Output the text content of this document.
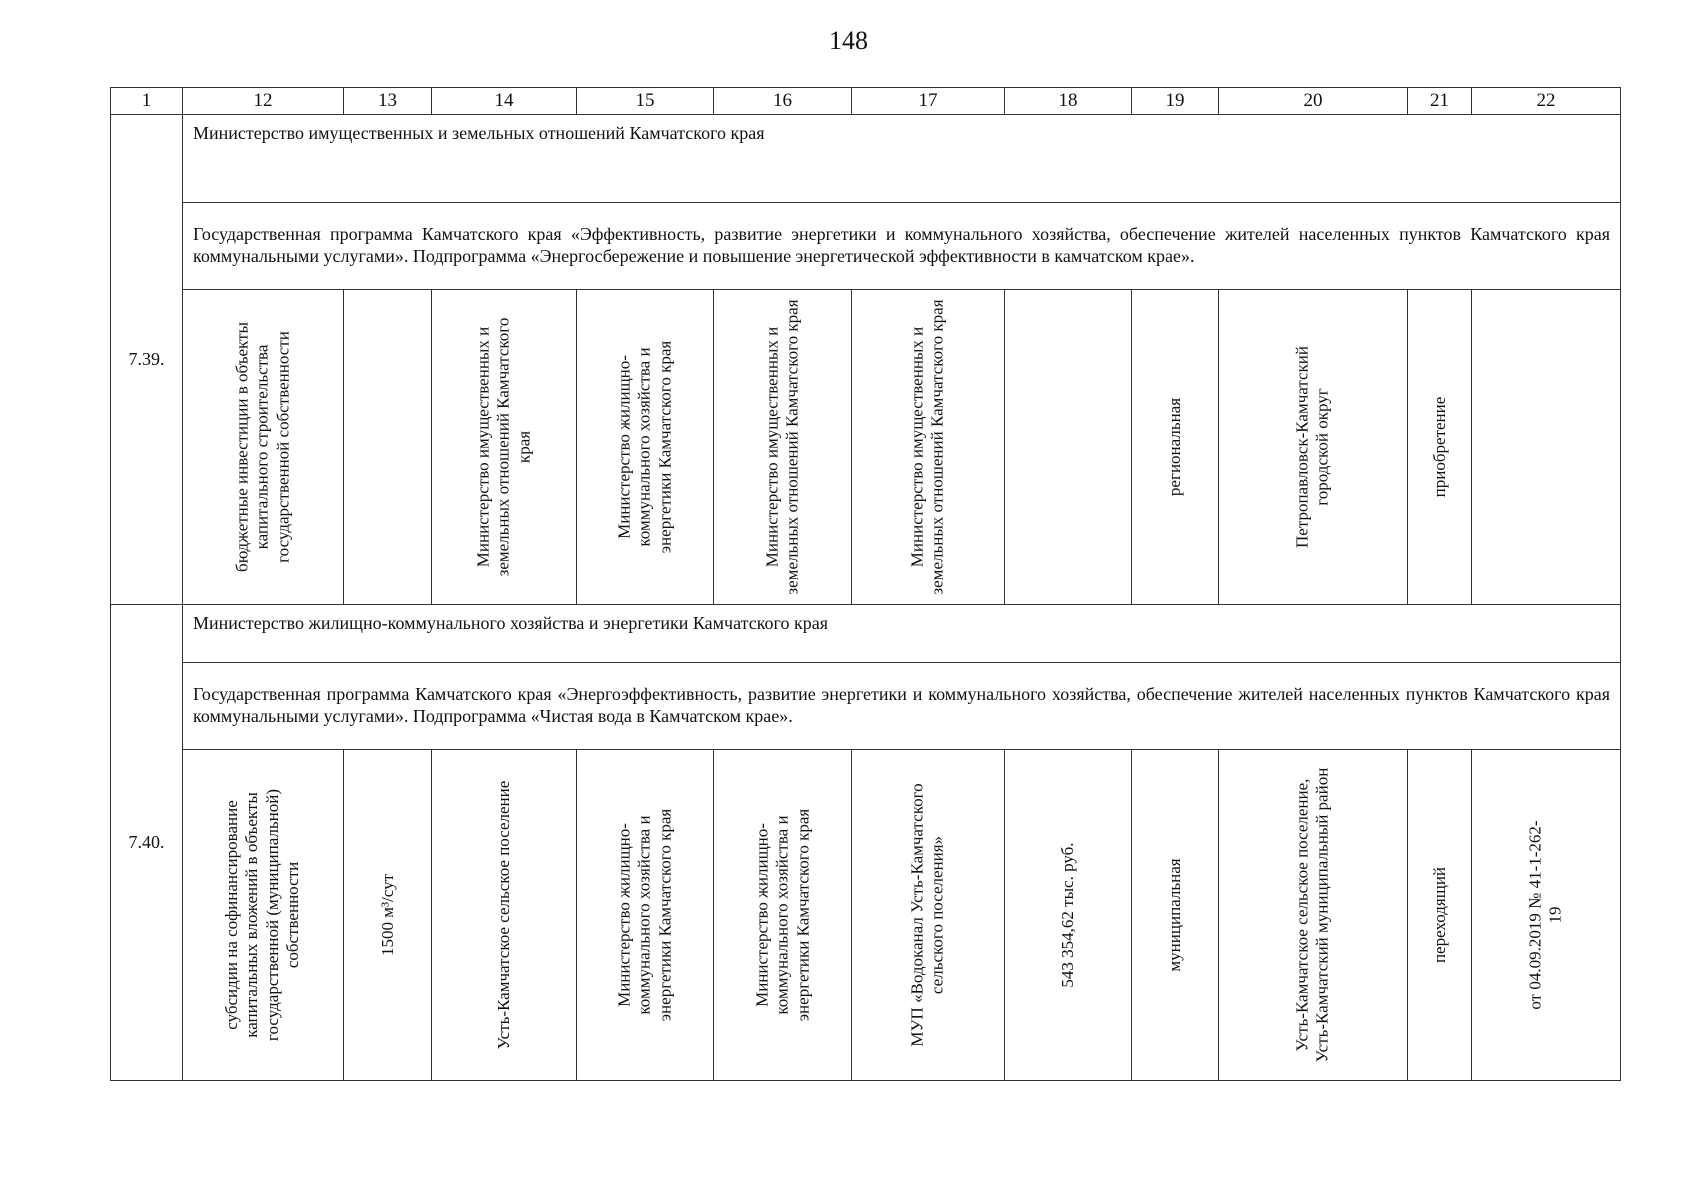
148
1	12	13	14	15	16	17	18	19	20	21	22
7.39.	Министерство имущественных и земельных отношений Камчатского края										
	Государственная программа Камчатского края «Эффективность, развитие энергетики и коммунального хозяйства, обеспечение жителей населенных пунктов Камчатского края коммунальными услугами». Подпрограмма «Энергосбережение и повышение энергетической эффективности в камчатском крае».										

	бюджетные инвестиции в объекты капитального строительства государственной собственности		Министерство имущественных и земельных отношений Камчатского края	Министерство жилищно-коммунального хозяйства и энергетики Камчатского края	Министерство имущественных и земельных отношений Камчатского края	Министерство имущественных и земельных отношений Камчатского края		региональная	Петропавловск-Камчатский городской округ	приобретение	

7.40.	Министерство жилищно-коммунального хозяйства и энергетики Камчатского края										
	Государственная программа Камчатского края «Энергоэффективность, развитие энергетики и коммунального хозяйства, обеспечение жителей населенных пунктов Камчатского края коммунальными услугами». Подпрограмма «Чистая вода в Камчатском крае».										

	субсидии на софинансирование капитальных вложений в объекты государственной (муниципальной) собственности	1500 м³/сут	Усть-Камчатское сельское поселение	Министерство жилищно-коммунального хозяйства и энергетики Камчатского края	Министерство жилищно-коммунального хозяйства и энергетики Камчатского края	МУП «Водоканал Усть-Камчатского сельского поселения»	543 354,62 тыс. руб.	муниципальная	Усть-Камчатское сельское поселение, Усть-Камчатский муниципальный район	переходящий	от 04.09.2019 № 41-1-262-19
